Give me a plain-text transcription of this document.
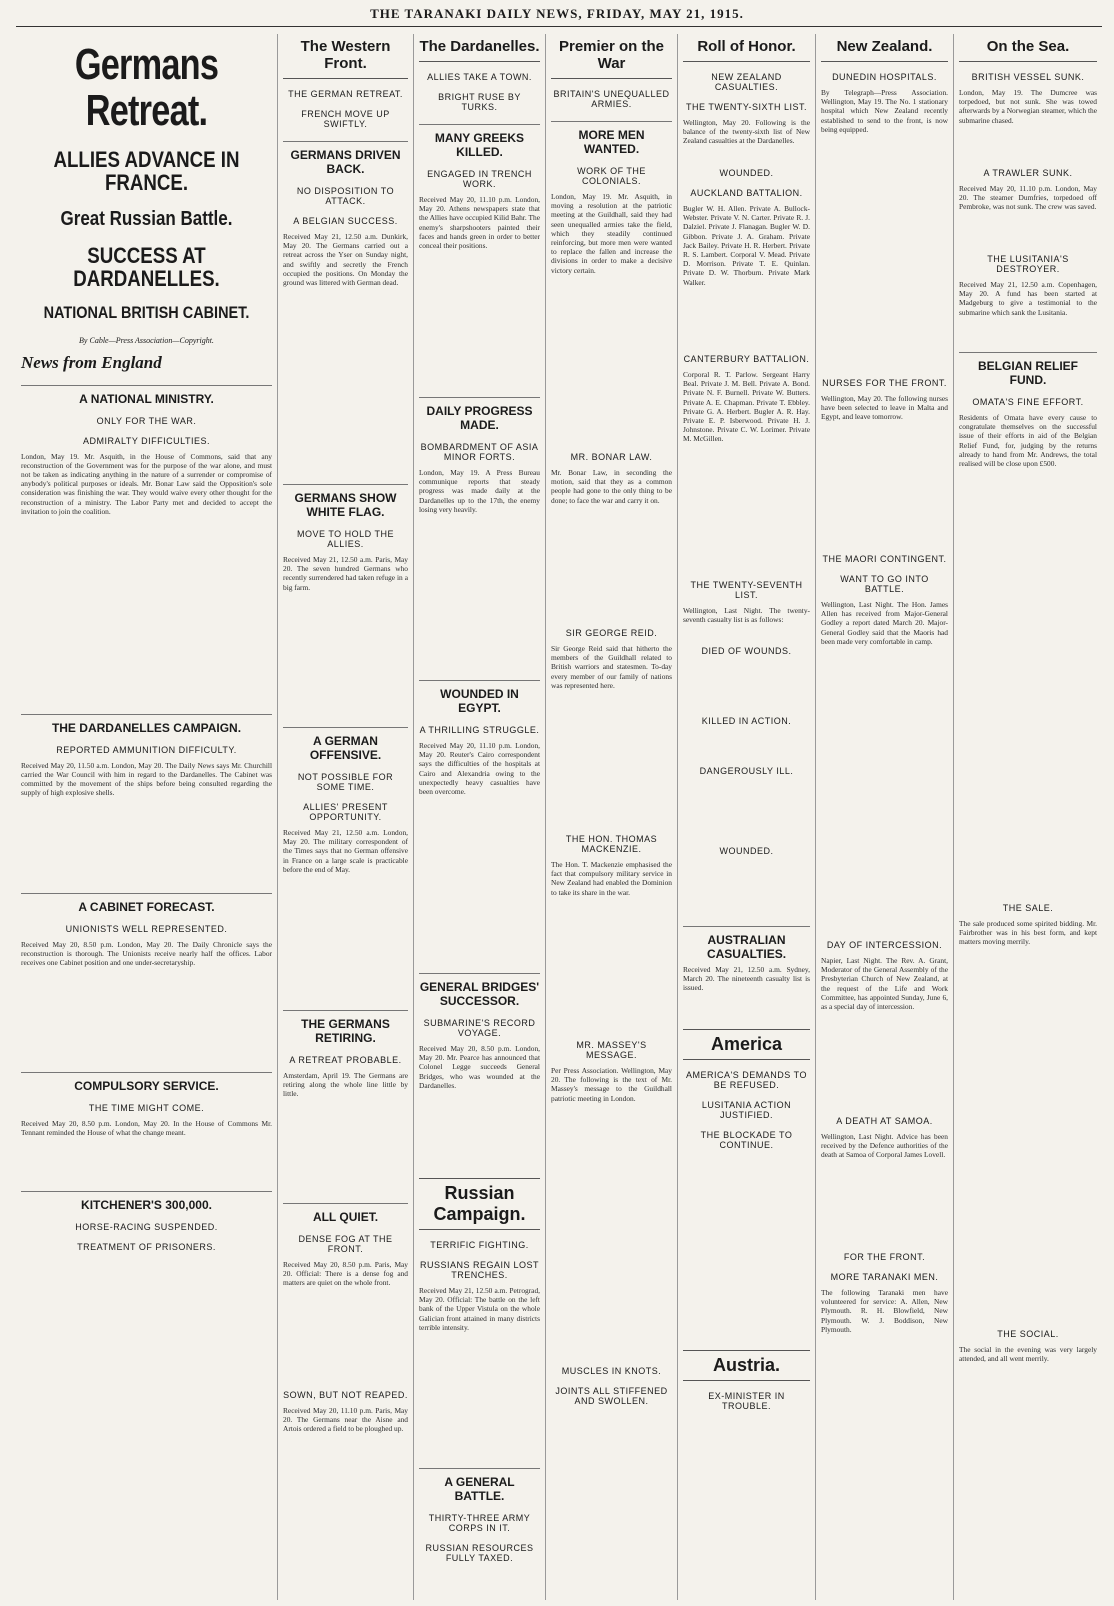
THE TARANAKI DAILY NEWS, FRIDAY, MAY 21, 1915.
Germans Retreat.
ALLIES ADVANCE IN FRANCE.
Great Russian Battle.
SUCCESS AT DARDANELLES.
NATIONAL BRITISH CABINET.
By Cable—Press Association—Copyright.
News from England
A NATIONAL MINISTRY.
ONLY FOR THE WAR.
ADMIRALTY DIFFICULTIES.
London, May 19. Mr. Asquith, in the House of Commons, said that any reconstruction of the Government was for the purpose of the war alone, and must not be taken as indicating anything in the nature of a surrender or compromise of anybody's political purposes or ideals. Mr. Bonar Law said the Opposition's sole consideration was finishing the war. They would waive every other thought for the reconstruction of a ministry. The Labor Party met and decided to accept the invitation to join the coalition.
THE DARDANELLES CAMPAIGN.
REPORTED AMMUNITION DIFFICULTY.
Received May 20, 11.50 a.m. London, May 20. The Daily News says Mr. Churchill carried the War Council with him in regard to the Dardanelles. The Cabinet was committed by the movement of the ships before being consulted regarding the supply of high explosive shells.
A CABINET FORECAST.
UNIONISTS WELL REPRESENTED.
Received May 20, 8.50 p.m. London, May 20. The Daily Chronicle says the reconstruction is thorough. The Unionists receive nearly half the offices. Labor receives one Cabinet position and one under-secretaryship.
COMPULSORY SERVICE.
THE TIME MIGHT COME.
Received May 20, 8.50 p.m. London, May 20. In the House of Commons Mr. Tennant reminded the House of what the change meant.
KITCHENER'S 300,000.
HORSE-RACING SUSPENDED.
TREATMENT OF PRISONERS.
The Western Front.
THE GERMAN RETREAT.
FRENCH MOVE UP SWIFTLY.
GERMANS DRIVEN BACK.
NO DISPOSITION TO ATTACK.
A BELGIAN SUCCESS.
Received May 21, 12.50 a.m. Dunkirk, May 20. The Germans carried out a retreat across the Yser on Sunday night, and swiftly and secretly the French occupied the positions. On Monday the ground was littered with German dead.
GERMANS SHOW WHITE FLAG.
MOVE TO HOLD THE ALLIES.
Received May 21, 12.50 a.m. Paris, May 20. The seven hundred Germans who recently surrendered had taken refuge in a big farm.
A GERMAN OFFENSIVE.
NOT POSSIBLE FOR SOME TIME.
ALLIES' PRESENT OPPORTUNITY.
Received May 21, 12.50 a.m. London, May 20. The military correspondent of the Times says that no German offensive in France on a large scale is practicable before the end of May.
THE GERMANS RETIRING.
A RETREAT PROBABLE.
Amsterdam, April 19. The Germans are retiring along the whole line little by little.
ALL QUIET.
DENSE FOG AT THE FRONT.
Received May 20, 8.50 p.m. Paris, May 20. Official: There is a dense fog and matters are quiet on the whole front.
SOWN, BUT NOT REAPED.
Received May 20, 11.10 p.m. Paris, May 20. The Germans near the Aisne and Artois ordered a field to be ploughed up.
The Dardanelles.
ALLIES TAKE A TOWN.
BRIGHT RUSE BY TURKS.
MANY GREEKS KILLED.
ENGAGED IN TRENCH WORK.
Received May 20, 11.10 p.m. London, May 20. Athens newspapers state that the Allies have occupied Kilid Bahr. The enemy's sharpshooters painted their faces and hands green in order to better conceal their positions.
DAILY PROGRESS MADE.
BOMBARDMENT OF ASIA MINOR FORTS.
London, May 19. A Press Bureau communique reports that steady progress was made daily at the Dardanelles up to the 17th, the enemy losing very heavily.
WOUNDED IN EGYPT.
A THRILLING STRUGGLE.
Received May 20, 11.10 p.m. London, May 20. Reuter's Cairo correspondent says the difficulties of the hospitals at Cairo and Alexandria owing to the unexpectedly heavy casualties have been overcome.
GENERAL BRIDGES' SUCCESSOR.
SUBMARINE'S RECORD VOYAGE.
Received May 20, 8.50 p.m. London, May 20. Mr. Pearce has announced that Colonel Legge succeeds General Bridges, who was wounded at the Dardanelles.
Russian Campaign.
TERRIFIC FIGHTING.
RUSSIANS REGAIN LOST TRENCHES.
Received May 21, 12.50 a.m. Petrograd, May 20. Official: The battle on the left bank of the Upper Vistula on the whole Galician front attained in many districts terrible intensity.
A GENERAL BATTLE.
THIRTY-THREE ARMY CORPS IN IT.
RUSSIAN RESOURCES FULLY TAXED.
Premier on the War
BRITAIN'S UNEQUALLED ARMIES.
MORE MEN WANTED.
WORK OF THE COLONIALS.
London, May 19. Mr. Asquith, in moving a resolution at the patriotic meeting at the Guildhall, said they had seen unequalled armies take the field, which they steadily continued reinforcing, but more men were wanted to replace the fallen and increase the divisions in order to make a decisive victory certain.
MR. BONAR LAW.
Mr. Bonar Law, in seconding the motion, said that they as a common people had gone to the only thing to be done; to face the war and carry it on.
SIR GEORGE REID.
Sir George Reid said that hitherto the members of the Guildhall related to British warriors and statesmen. To-day every member of our family of nations was represented here.
THE HON. THOMAS MACKENZIE.
The Hon. T. Mackenzie emphasised the fact that compulsory military service in New Zealand had enabled the Dominion to take its share in the war.
MR. MASSEY'S MESSAGE.
Per Press Association. Wellington, May 20. The following is the text of Mr. Massey's message to the Guildhall patriotic meeting in London.
MUSCLES IN KNOTS.
JOINTS ALL STIFFENED AND SWOLLEN.
Roll of Honor.
NEW ZEALAND CASUALTIES.
THE TWENTY-SIXTH LIST.
Wellington, May 20. Following is the balance of the twenty-sixth list of New Zealand casualties at the Dardanelles.
WOUNDED.
AUCKLAND BATTALION.
Bugler W. H. Allen. Private A. Bullock-Webster. Private V. N. Carter. Private R. J. Dalziel. Private J. Flanagan. Bugler W. D. Gibbon. Private J. A. Graham. Private Jack Bailey. Private H. R. Herbert. Private R. S. Lambert. Corporal V. Mead. Private D. Morrison. Private T. E. Quinlan. Private D. W. Thorburn. Private Mark Walker.
CANTERBURY BATTALION.
Corporal R. T. Parlow. Sergeant Harry Beal. Private J. M. Bell. Private A. Bond. Private N. F. Burnell. Private W. Butters. Private A. E. Chapman. Private T. Ebbley. Private G. A. Herbert. Bugler A. R. Hay. Private E. P. Isberwood. Private H. J. Johnstone. Private C. W. Lorimer. Private M. McGillen.
THE TWENTY-SEVENTH LIST.
Wellington, Last Night. The twenty-seventh casualty list is as follows:
DIED OF WOUNDS.
KILLED IN ACTION.
DANGEROUSLY ILL.
WOUNDED.
AUSTRALIAN CASUALTIES.
Received May 21, 12.50 a.m. Sydney, March 20. The nineteenth casualty list is issued.
America
AMERICA'S DEMANDS TO BE REFUSED.
LUSITANIA ACTION JUSTIFIED.
THE BLOCKADE TO CONTINUE.
Austria.
EX-MINISTER IN TROUBLE.
New Zealand.
DUNEDIN HOSPITALS.
By Telegraph—Press Association. Wellington, May 19. The No. 1 stationary hospital which New Zealand recently established to send to the front, is now being equipped.
NURSES FOR THE FRONT.
Wellington, May 20. The following nurses have been selected to leave in Malta and Egypt, and leave tomorrow.
THE MAORI CONTINGENT.
WANT TO GO INTO BATTLE.
Wellington, Last Night. The Hon. James Allen has received from Major-General Godley a report dated March 20. Major-General Godley said that the Maoris had been made very comfortable in camp.
DAY OF INTERCESSION.
Napier, Last Night. The Rev. A. Grant, Moderator of the General Assembly of the Presbyterian Church of New Zealand, at the request of the Life and Work Committee, has appointed Sunday, June 6, as a special day of intercession.
A DEATH AT SAMOA.
Wellington, Last Night. Advice has been received by the Defence authorities of the death at Samoa of Corporal James Lovell.
FOR THE FRONT.
MORE TARANAKI MEN.
The following Taranaki men have volunteered for service: A. Allen, New Plymouth. R. H. Blowfield, New Plymouth. W. J. Boddison, New Plymouth.
On the Sea.
BRITISH VESSEL SUNK.
London, May 19. The Dumcree was torpedoed, but not sunk. She was towed afterwards by a Norwegian steamer, which the submarine chased.
A TRAWLER SUNK.
Received May 20, 11.10 p.m. London, May 20. The steamer Dumfries, torpedoed off Pembroke, was not sunk. The crew was saved.
THE LUSITANIA'S DESTROYER.
Received May 21, 12.50 a.m. Copenhagen, May 20. A fund has been started at Madgeburg to give a testimonial to the submarine which sank the Lusitania.
BELGIAN RELIEF FUND.
OMATA'S FINE EFFORT.
Residents of Omata have every cause to congratulate themselves on the successful issue of their efforts in aid of the Belgian Relief Fund, for, judging by the returns already to hand from Mr. Andrews, the total realised will be close upon £500.
THE SALE.
The sale produced some spirited bidding. Mr. Fairbrother was in his best form, and kept matters moving merrily.
THE SOCIAL.
The social in the evening was very largely attended, and all went merrily.
